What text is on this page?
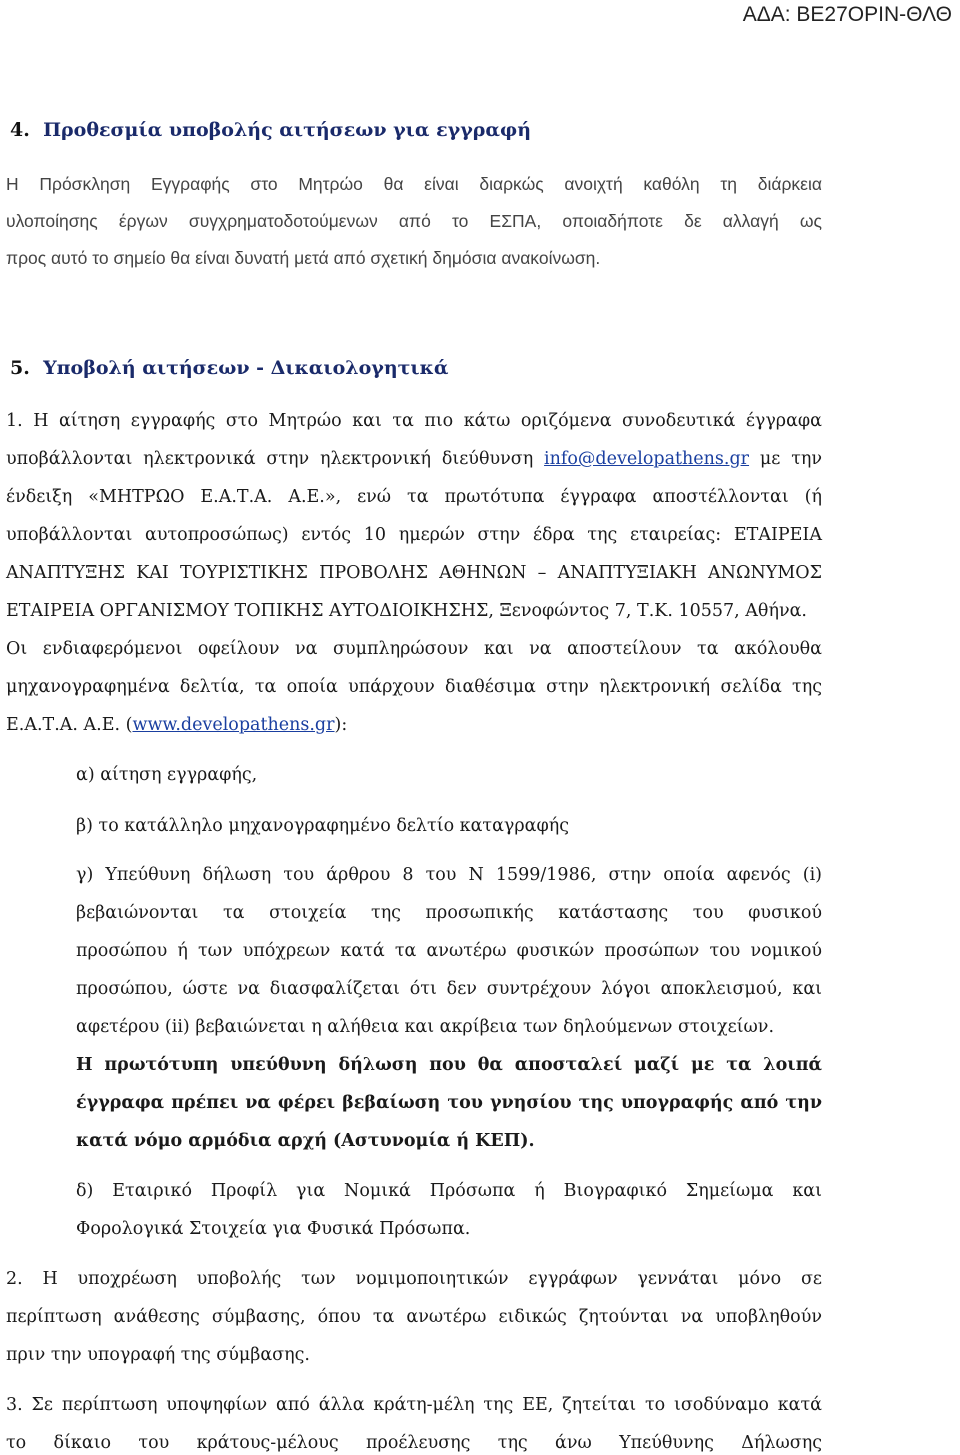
ΑΔΑ: ΒΕ27ΟΡΙΝ-ΘΛΘ
4. Προθεσμία υποβολής αιτήσεων για εγγραφή
Η Πρόσκληση Εγγραφής στο Μητρώο θα είναι διαρκώς ανοιχτή καθόλη τη διάρκεια
υλοποίησης έργων συγχρηματοδοτούμενων από το ΕΣΠΑ, οποιαδήποτε δε αλλαγή ως
προς αυτό το σημείο θα είναι δυνατή μετά από σχετική δημόσια ανακοίνωση.
5. Υποβολή αιτήσεων - Δικαιολογητικά
1. Η αίτηση εγγραφής στο Μητρώο και τα πιο κάτω οριζόμενα συνοδευτικά έγγραφα
υποβάλλονται ηλεκτρονικά στην ηλεκτρονική διεύθυνση info@developathens.gr με την
ένδειξη «ΜΗΤΡΩΟ Ε.Α.Τ.Α. Α.Ε.», ενώ τα πρωτότυπα έγγραφα αποστέλλονται (ή
υποβάλλονται αυτοπροσώπως) εντός 10 ημερών στην έδρα της εταιρείας: ΕΤΑΙΡΕΙΑ
ΑΝΑΠΤΥΞΗΣ ΚΑΙ ΤΟΥΡΙΣΤΙΚΗΣ ΠΡΟΒΟΛΗΣ ΑΘΗΝΩΝ – ΑΝΑΠΤΥΞΙΑΚΗ ΑΝΩΝΥΜΟΣ
ΕΤΑΙΡΕΙΑ ΟΡΓΑΝΙΣΜΟΥ ΤΟΠΙΚΗΣ ΑΥΤΟΔΙΟΙΚΗΣΗΣ, Ξενοφώντος 7, Τ.Κ. 10557, Αθήνα.
Οι ενδιαφερόμενοι οφείλουν να συμπληρώσουν και να αποστείλουν τα ακόλουθα
μηχανογραφημένα δελτία, τα οποία υπάρχουν διαθέσιμα στην ηλεκτρονική σελίδα της
Ε.Α.Τ.Α. Α.Ε. (www.developathens.gr):
α) αίτηση εγγραφής,
β) το κατάλληλο μηχανογραφημένο δελτίο καταγραφής
γ) Υπεύθυνη δήλωση του άρθρου 8 του Ν 1599/1986, στην οποία αφενός (i)
βεβαιώνονται τα στοιχεία της προσωπικής κατάστασης του φυσικού
προσώπου ή των υπόχρεων κατά τα ανωτέρω φυσικών προσώπων του νομικού
προσώπου, ώστε να διασφαλίζεται ότι δεν συντρέχουν λόγοι αποκλεισμού, και
αφετέρου (ii) βεβαιώνεται η αλήθεια και ακρίβεια των δηλούμενων στοιχείων.
Η πρωτότυπη υπεύθυνη δήλωση που θα αποσταλεί μαζί με τα λοιπά
έγγραφα πρέπει να φέρει βεβαίωση του γνησίου της υπογραφής από την
κατά νόμο αρμόδια αρχή (Αστυνομία ή ΚΕΠ).
δ) Εταιρικό Προφίλ για Νομικά Πρόσωπα ή Βιογραφικό Σημείωμα και
Φορολογικά Στοιχεία για Φυσικά Πρόσωπα.
2. Η υποχρέωση υποβολής των νομιμοποιητικών εγγράφων γεννάται μόνο σε
περίπτωση ανάθεσης σύμβασης, όπου τα ανωτέρω ειδικώς ζητούνται να υποβληθούν
πριν την υπογραφή της σύμβασης.
3. Σε περίπτωση υποψηφίων από άλλα κράτη-μέλη της ΕΕ, ζητείται το ισοδύναμο κατά
το δίκαιο του κράτους-μέλους προέλευσης της άνω Υπεύθυνης Δήλωσης
